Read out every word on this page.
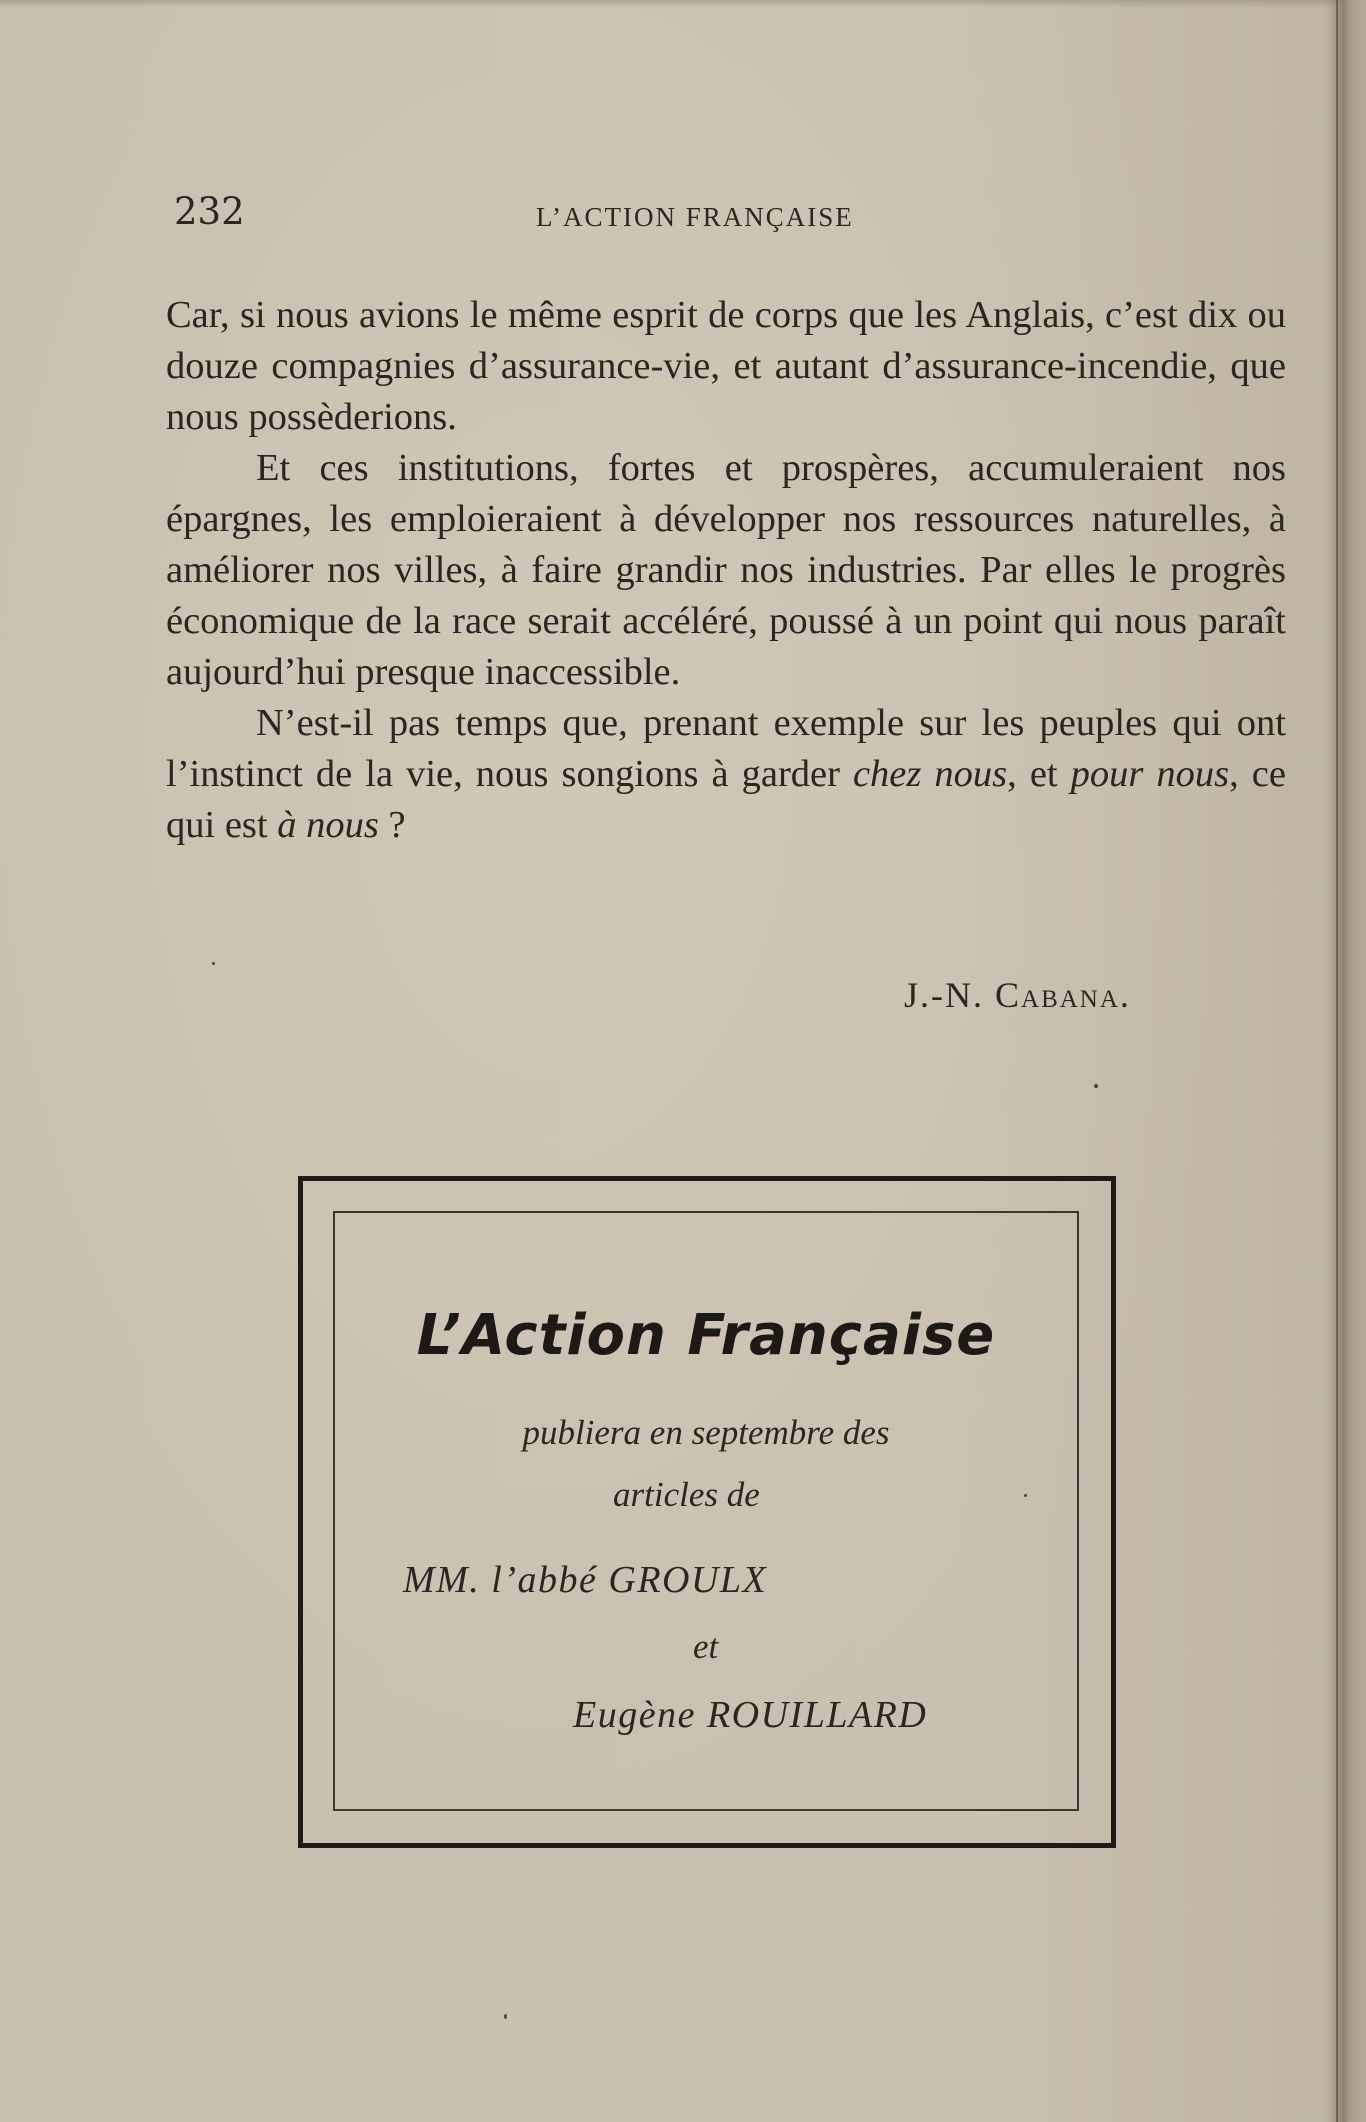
232	L’ACTION FRANÇAISE

Car, si nous avions le même esprit de corps que les Anglais, c’est dix ou douze compagnies d’assurance-vie, et autant d’assurance-incendie, que nous possèderions.

Et ces institutions, fortes et prospères, accumuleraient nos épargnes, les emploieraient à développer nos ressources naturelles, à améliorer nos villes, à faire grandir nos industries. Par elles le progrès économique de la race serait accéléré, poussé à un point qui nous paraît aujourd’hui presque inaccessible.

N’est-il pas temps que, prenant exemple sur les peuples qui ont l’instinct de la vie, nous songions à garder chez nous, et pour nous, ce qui est à nous ?

J.-N. Cabana.
L’Action Française
publiera en septembre des
articles de
MM. l’abbé GROULX
et
Eugène ROUILLARD
